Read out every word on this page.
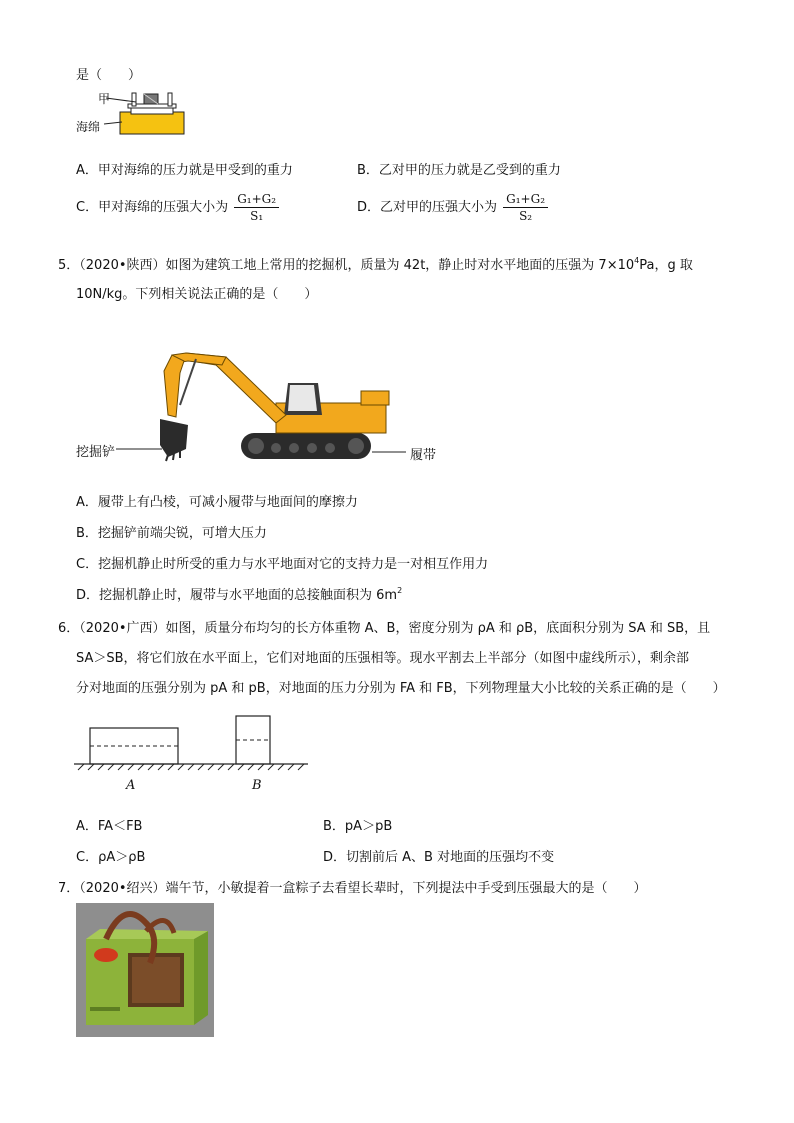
是（　　）
甲
海绵
A．甲对海绵的压力就是甲受到的重力	B．乙对甲的压力就是乙受到的重力
C．甲对海绵的压强大小为 $\frac{\text{G₁+G₂}}{\text{S₁}}$	D．乙对甲的压强大小为 $\frac{\text{G₁+G₂}}{\text{S₂}}$
5．（2020•陕西）如图为建筑工地上常用的挖掘机，质量为 42t，静止时对水平地面的压强为 $7\times 10^4Pa$，g 取
10N/kg。下列相关说法正确的是（　　）
挖掘铲	履带
A．履带上有凸棱，可减小履带与地面间的摩擦力
B．挖掘铲前端尖锐，可增大压力
C．挖掘机静止时所受的重力与水平地面对它的支持力是一对相互作用力
D．挖掘机静止时，履带与水平地面的总接触面积为 $6m^2$
6．（2020•广西）如图，质量分布均匀的长方体重物 A、B，密度分别为 ρA 和 ρB，底面积分别为 SA 和 SB，且
SA＞SB，将它们放在水平面上，它们对地面的压强相等。现水平割去上半部分（如图中虚线所示），剩余部
分对地面的压强分别为 pA 和 pB，对地面的压力分别为 FA 和 FB，下列物理量大小比较的关系正确的是（　　）
A	B
A．FA＜FB	B．pA＞pB
C．ρA＞ρB	D．切割前后 A、B 对地面的压强均不变
7．（2020•绍兴）端午节，小敏提着一盒粽子去看望长辈时，下列提法中手受到压强最大的是（　　）
